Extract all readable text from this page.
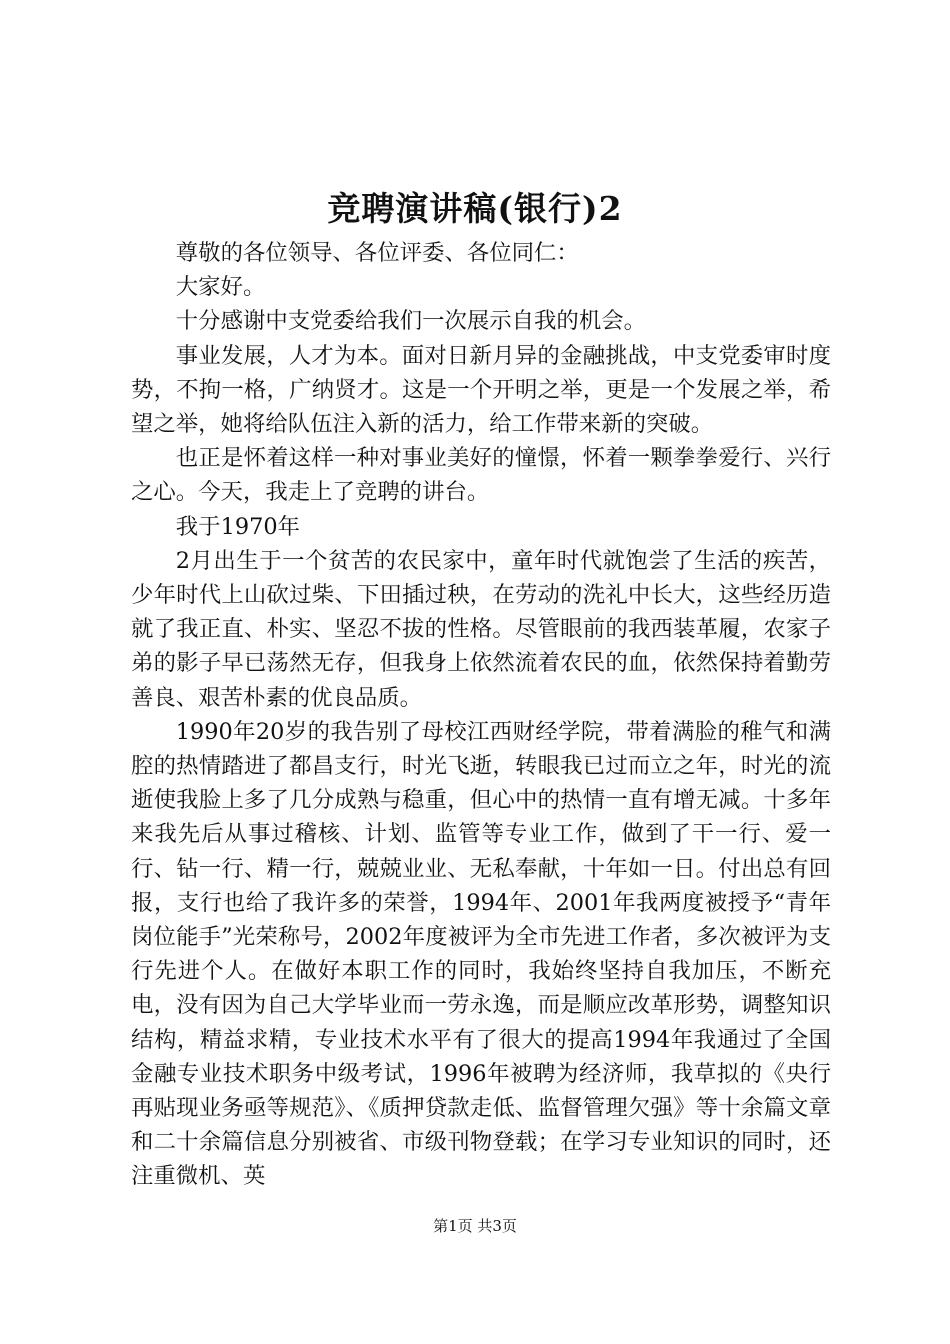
竞聘演讲稿(银行)2

尊敬的各位领导、各位评委、各位同仁：

大家好。

十分感谢中支党委给我们一次展示自我的机会。

事业发展，人才为本。面对日新月异的金融挑战，中支党委审时度势，不拘一格，广纳贤才。这是一个开明之举，更是一个发展之举，希望之举，她将给队伍注入新的活力，给工作带来新的突破。

也正是怀着这样一种对事业美好的憧憬，怀着一颗拳拳爱行、兴行之心。今天，我走上了竞聘的讲台。

我于1970年

2月出生于一个贫苦的农民家中，童年时代就饱尝了生活的疾苦，少年时代上山砍过柴、下田插过秧，在劳动的洗礼中长大，这些经历造就了我正直、朴实、坚忍不拔的性格。尽管眼前的我西装革履，农家子弟的影子早已荡然无存，但我身上依然流着农民的血，依然保持着勤劳善良、艰苦朴素的优良品质。

1990年20岁的我告别了母校江西财经学院，带着满脸的稚气和满腔的热情踏进了都昌支行，时光飞逝，转眼我已过而立之年，时光的流逝使我脸上多了几分成熟与稳重，但心中的热情一直有增无减。十多年来我先后从事过稽核、计划、监管等专业工作，做到了干一行、爱一行、钻一行、精一行，兢兢业业、无私奉献，十年如一日。付出总有回报，支行也给了我许多的荣誉，1994年、2001年我两度被授予“青年岗位能手”光荣称号，2002年度被评为全市先进工作者，多次被评为支行先进个人。在做好本职工作的同时，我始终坚持自我加压，不断充电，没有因为自己大学毕业而一劳永逸，而是顺应改革形势，调整知识结构，精益求精，专业技术水平有了很大的提高1994年我通过了全国金融专业技术职务中级考试，1996年被聘为经济师，我草拟的《央行再贴现业务亟等规范》、《质押贷款走低、监督管理欠强》等十余篇文章和二十余篇信息分别被省、市级刊物登载；在学习专业知识的同时，还注重微机、英

第1页 共3页
